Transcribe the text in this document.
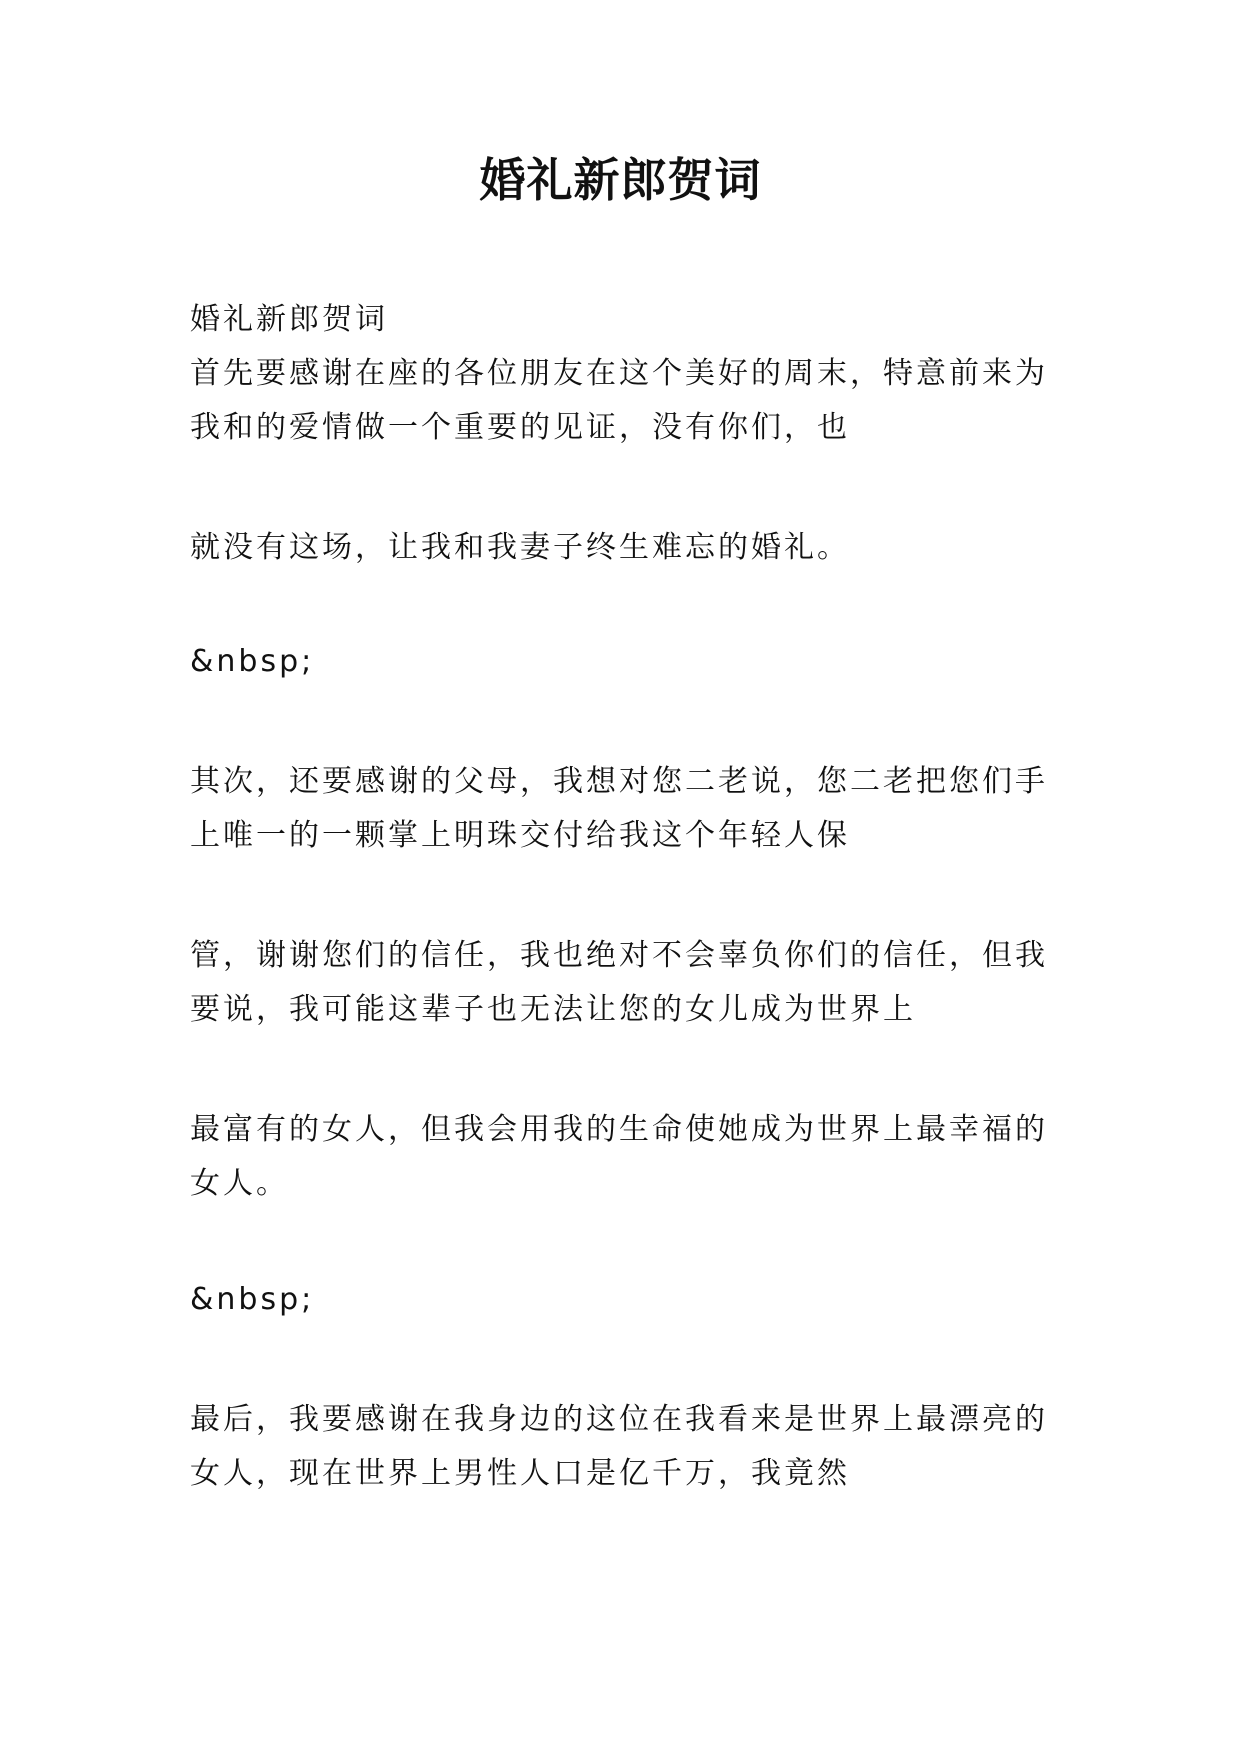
婚礼新郎贺词

婚礼新郎贺词

首先要感谢在座的各位朋友在这个美好的周末，特意前来为

我和的爱情做一个重要的见证，没有你们，也

就没有这场，让我和我妻子终生难忘的婚礼。

&nbsp;

其次，还要感谢的父母，我想对您二老说，您二老把您们手

上唯一的一颗掌上明珠交付给我这个年轻人保

管，谢谢您们的信任，我也绝对不会辜负你们的信任，但我

要说，我可能这辈子也无法让您的女儿成为世界上

最富有的女人，但我会用我的生命使她成为世界上最幸福的

女人。

&nbsp;

最后，我要感谢在我身边的这位在我看来是世界上最漂亮的

女人，现在世界上男性人口是亿千万，我竟然
